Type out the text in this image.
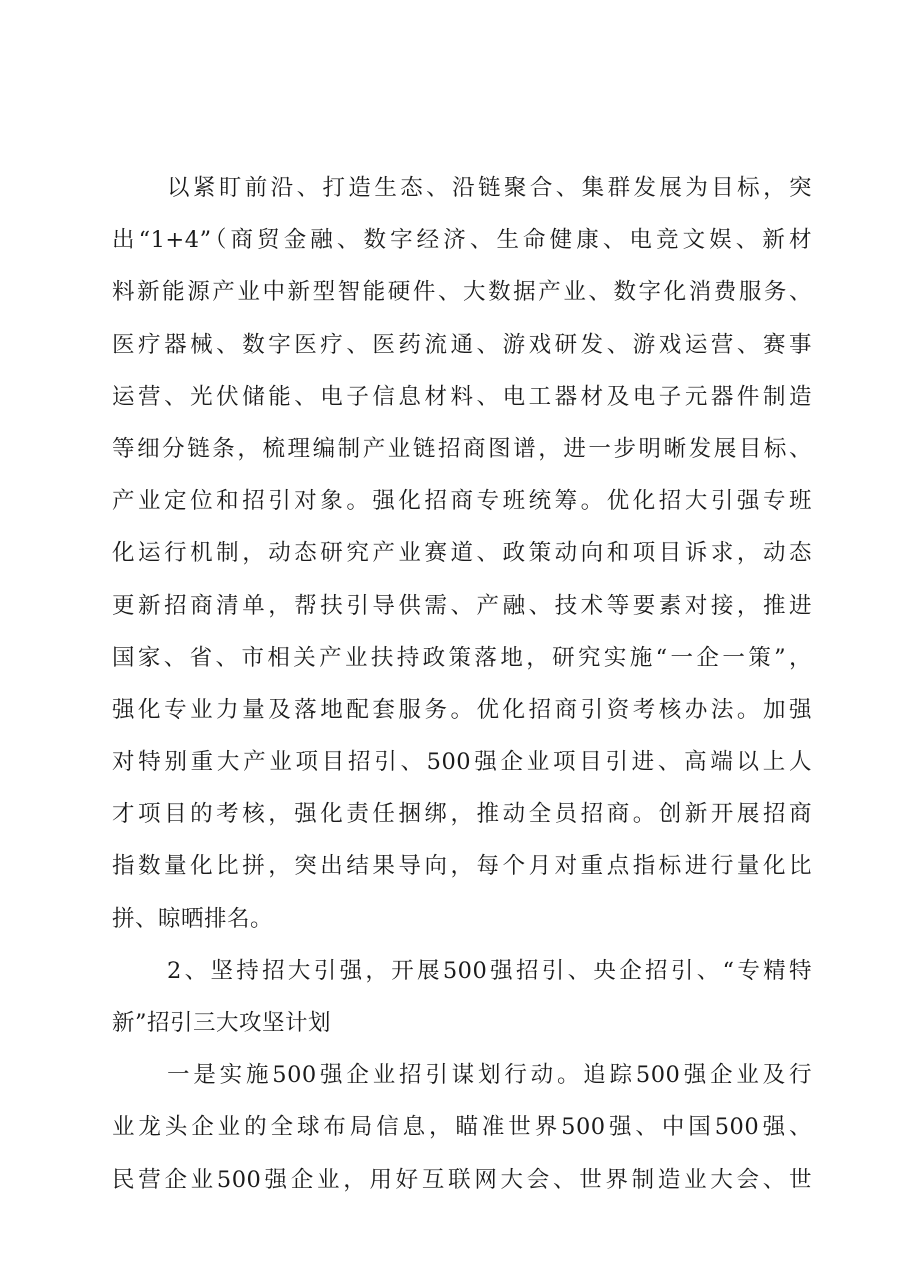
以紧盯前沿、打造生态、沿链聚合、集群发展为目标，突
出“1+4”（商贸金融、数字经济、生命健康、电竞文娱、新材
料新能源产业中新型智能硬件、大数据产业、数字化消费服务、
医疗器械、数字医疗、医药流通、游戏研发、游戏运营、赛事
运营、光伏储能、电子信息材料、电工器材及电子元器件制造
等细分链条，梳理编制产业链招商图谱，进一步明晰发展目标、
产业定位和招引对象。强化招商专班统筹。优化招大引强专班
化运行机制，动态研究产业赛道、政策动向和项目诉求，动态
更新招商清单，帮扶引导供需、产融、技术等要素对接，推进
国家、省、市相关产业扶持政策落地，研究实施“一企一策”，
强化专业力量及落地配套服务。优化招商引资考核办法。加强
对特别重大产业项目招引、500强企业项目引进、高端以上人
才项目的考核，强化责任捆绑，推动全员招商。创新开展招商
指数量化比拼，突出结果导向，每个月对重点指标进行量化比
拼、晾晒排名。
2、坚持招大引强，开展500强招引、央企招引、“专精特
新”招引三大攻坚计划
一是实施500强企业招引谋划行动。追踪500强企业及行
业龙头企业的全球布局信息，瞄准世界500强、中国500强、
民营企业500强企业，用好互联网大会、世界制造业大会、世
